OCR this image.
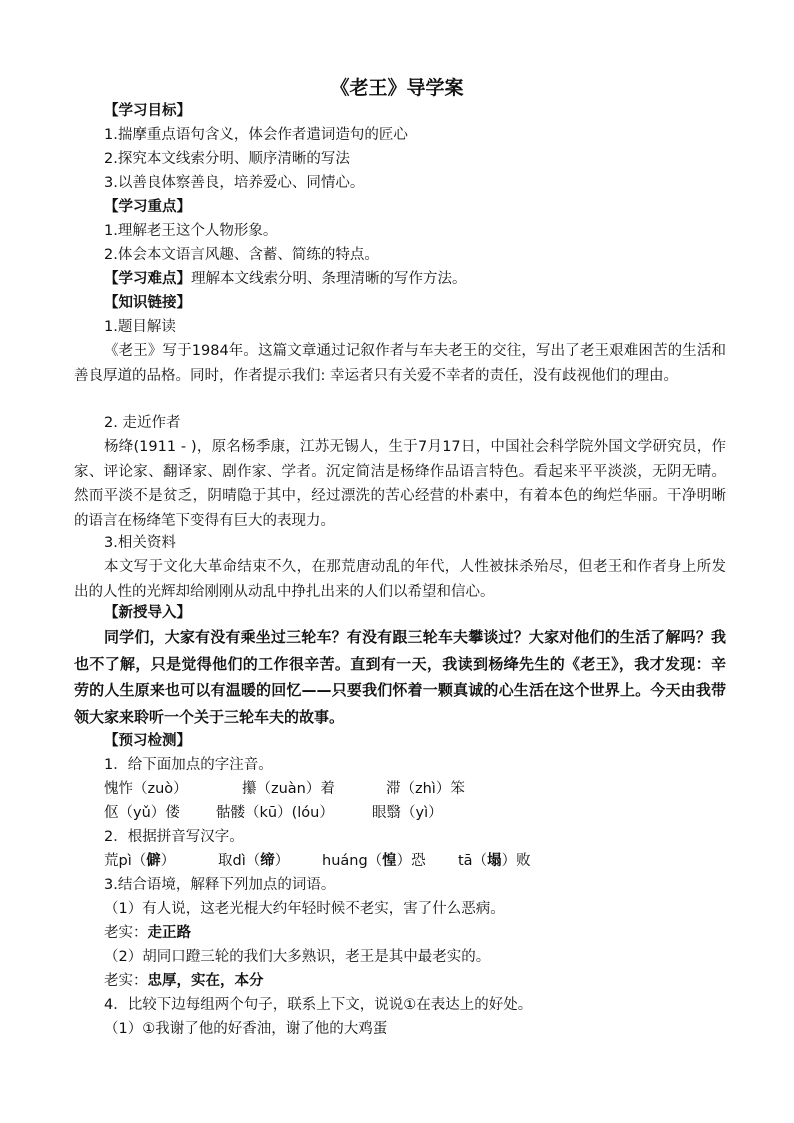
《老王》导学案
【学习目标】
1.揣摩重点语句含义，体会作者遣词造句的匠心
2.探究本文线索分明、顺序清晰的写法
3.以善良体察善良，培养爱心、同情心。
【学习重点】
1.理解老王这个人物形象。
2.体会本文语言风趣、含蓄、简练的特点。
【学习难点】理解本文线索分明、条理清晰的写作方法。
【知识链接】
1.题目解读
《老王》写于1984年。这篇文章通过记叙作者与车夫老王的交往，写出了老王艰难困苦的生活和善良厚道的品格。同时，作者提示我们: 幸运者只有关爱不幸者的责任，没有歧视他们的理由。
2. 走近作者
杨绛(1911 - )，原名杨季康，江苏无锡人，生于7月17日，中国社会科学院外国文学研究员，作家、评论家、翻译家、剧作家、学者。沉定简洁是杨绛作品语言特色。看起来平平淡淡，无阴无晴。然而平淡不是贫乏，阴晴隐于其中，经过漂洗的苦心经营的朴素中，有着本色的绚烂华丽。干净明晰的语言在杨绛笔下变得有巨大的表现力。
3.相关资料
本文写于文化大革命结束不久，在那荒唐动乱的年代，人性被抹杀殆尽，但老王和作者身上所发出的人性的光辉却给刚刚从动乱中挣扎出来的人们以希望和信心。
【新授导入】
同学们，大家有没有乘坐过三轮车？有没有跟三轮车夫攀谈过？大家对他们的生活了解吗？我也不了解，只是觉得他们的工作很辛苦。直到有一天，我读到杨绛先生的《老王》，我才发现：辛劳的人生原来也可以有温暖的回忆——只要我们怀着一颗真诚的心生活在这个世界上。今天由我带领大家来聆听一个关于三轮车夫的故事。
【预习检测】
1．给下面加点的字注音。
愧怍（zuò）	攥（zuàn）着	滞（zhì）笨
伛（yǔ）偻 骷髅（kū）(lóu）	眼翳（yì）
2．根据拼音写汉字。
荒pì（僻）	取dì（缔） huáng（惶）恐 tā（塌）败
3.结合语境，解释下列加点的词语。
（1）有人说，这老光棍大约年轻时候不老实，害了什么恶病。
老实：走正路
（2）胡同口蹬三轮的我们大多熟识，老王是其中最老实的。
老实：忠厚，实在，本分
4．比较下边每组两个句子，联系上下文，说说①在表达上的好处。
（1）①我谢了他的好香油，谢了他的大鸡蛋
